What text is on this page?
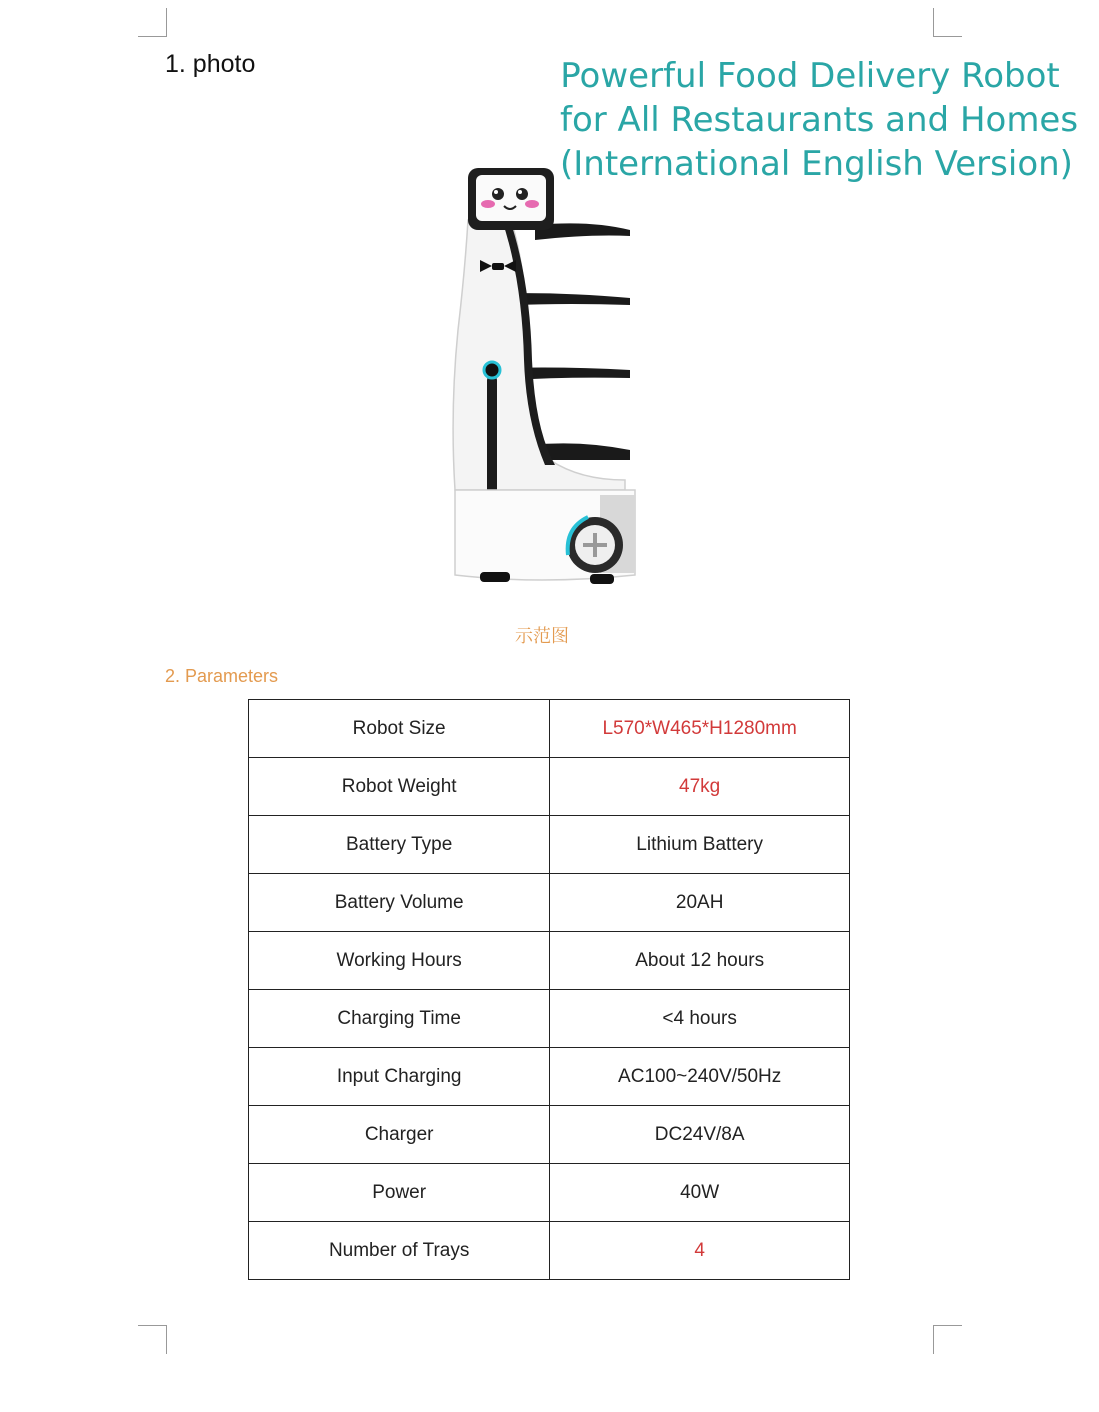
1. photo	Powerful Food Delivery Robot
for All Restaurants and Homes
(International English Version)
示范图
2. Parameters
Robot Size	L570*W465*H1280mm
Robot Weight	47kg
Battery Type	Lithium Battery
Battery Volume	20AH
Working Hours	About 12 hours
Charging Time	<4 hours
Input Charging	AC100~240V/50Hz
Charger	DC24V/8A
Power	40W
Number of Trays	4
